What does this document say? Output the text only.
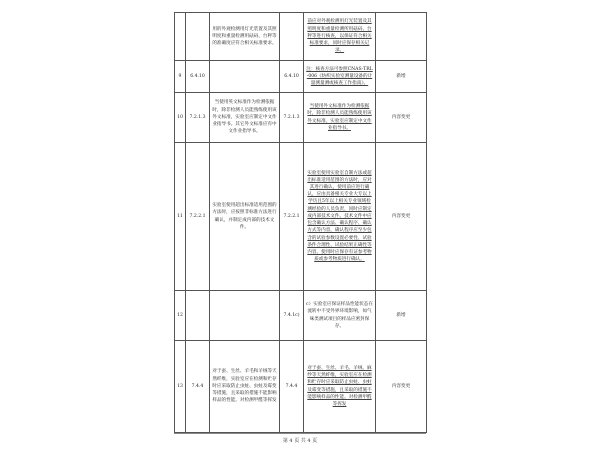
		用的外观检测用灯光装置及其照明度和重量检测用砝码、台秤等的准确度应符合相关标准要求。		前应对外观检测用灯光装置及其照明度和重量检测所用砝码、台秤等进行核查，以保证符合相关标准要求，同时应保存相关记录。	
9	6.4.10		6.4.10	注：核查方法可参照CNAS-TRL-006《纺织实验室测量设备的计量测量测或核查工作指南》。	新增
10	7.2.1.3	当使用英文标准作为检测依据时，除非检测人员能熟练使用该外文标准，实验室应制定中文作业指导书。其它外文标准应有中文作业指导书。	7.2.1.3	当使用外文标准作为检测依据时，除非检测人员能熟练使用该外文标准，实验室应制定中文作业指导书。	内容变更
11	7.2.2.1	实验室使用超出标准适用范围的方法时，应按照非标准方法进行确认，并制定成内部的技术文件。	7.2.2.1	实验室使用实验室自制方法或超出标准适用范围的方法时，应对其进行确认，使用前应进行确认，应由具备相关专业大专以上学历且5年以上相关专业领域检测经验的人员负责，同时应制定成内部技术文件。技术文件中应包含确认方法、确认程序、确认方式等内容，确认程序应至少包含的试验参数设置必要性、试验条件合理性、试验结果正确性等内容，使用时应保存有证参考物质或参考物质进行确认。	内容变更
12			7.4.1c)	c）实验室应保证样品性能状态在流转中不受外界环境影响，如气味类测试项目的样品应密封保存。	新增
13	7.4.4	对于蚕、生丝、羊毛和羊绒等天然纤维，实验室应在检测和贮存时应采取防止虫蛀、虫蛀及霉变等措施，且采取的措施不能影响样品的性能。对检测甲醛等挥发	7.4.4	对于蚕、生丝、羊毛、羊绒、麻纱等天然纤维，实验室应在检测和贮存时应采取防止虫蛀、虫蛀及霉变等措施，且采取的措施不能影响样品的性能。对检测甲醛等挥发	内容变更
第 4 页 共 4 页
